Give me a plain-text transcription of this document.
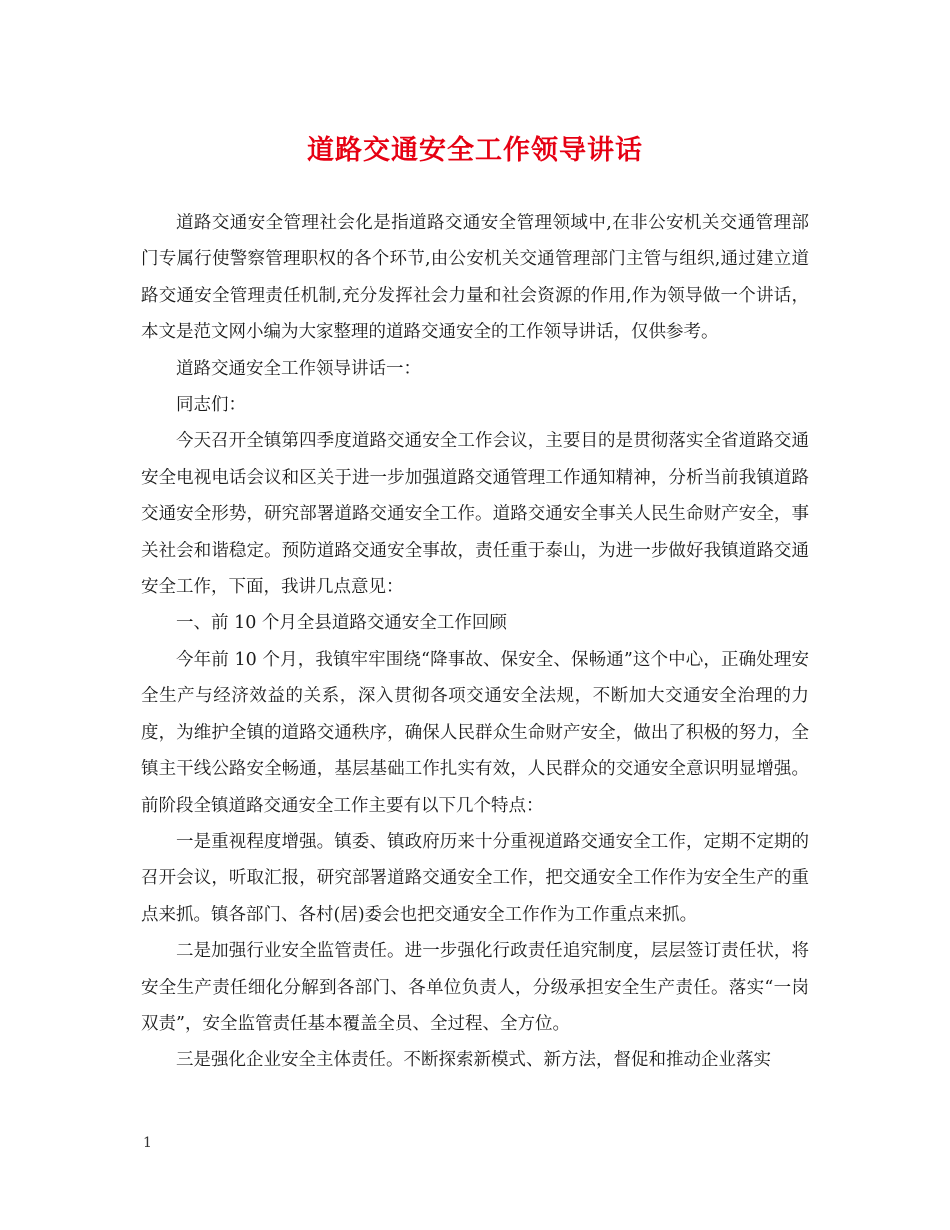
道路交通安全工作领导讲话

道路交通安全管理社会化是指道路交通安全管理领域中,在非公安机关交通管理部门专属行使警察管理职权的各个环节,由公安机关交通管理部门主管与组织,通过建立道路交通安全管理责任机制,充分发挥社会力量和社会资源的作用,作为领导做一个讲话，本文是范文网小编为大家整理的道路交通安全的工作领导讲话，仅供参考。

道路交通安全工作领导讲话一：

同志们：

今天召开全镇第四季度道路交通安全工作会议，主要目的是贯彻落实全省道路交通安全电视电话会议和区关于进一步加强道路交通管理工作通知精神，分析当前我镇道路交通安全形势，研究部署道路交通安全工作。道路交通安全事关人民生命财产安全，事关社会和谐稳定。预防道路交通安全事故，责任重于泰山，为进一步做好我镇道路交通安全工作，下面，我讲几点意见：

一、前 10 个月全县道路交通安全工作回顾

今年前 10 个月，我镇牢牢围绕“降事故、保安全、保畅通”这个中心，正确处理安全生产与经济效益的关系，深入贯彻各项交通安全法规，不断加大交通安全治理的力度，为维护全镇的道路交通秩序，确保人民群众生命财产安全，做出了积极的努力，全镇主干线公路安全畅通，基层基础工作扎实有效，人民群众的交通安全意识明显增强。前阶段全镇道路交通安全工作主要有以下几个特点：

一是重视程度增强。镇委、镇政府历来十分重视道路交通安全工作，定期不定期的召开会议，听取汇报，研究部署道路交通安全工作，把交通安全工作作为安全生产的重点来抓。镇各部门、各村(居)委会也把交通安全工作作为工作重点来抓。

二是加强行业安全监管责任。进一步强化行政责任追究制度，层层签订责任状，将安全生产责任细化分解到各部门、各单位负责人，分级承担安全生产责任。落实“一岗双责”，安全监管责任基本覆盖全员、全过程、全方位。

三是强化企业安全主体责任。不断探索新模式、新方法，督促和推动企业落实

1
